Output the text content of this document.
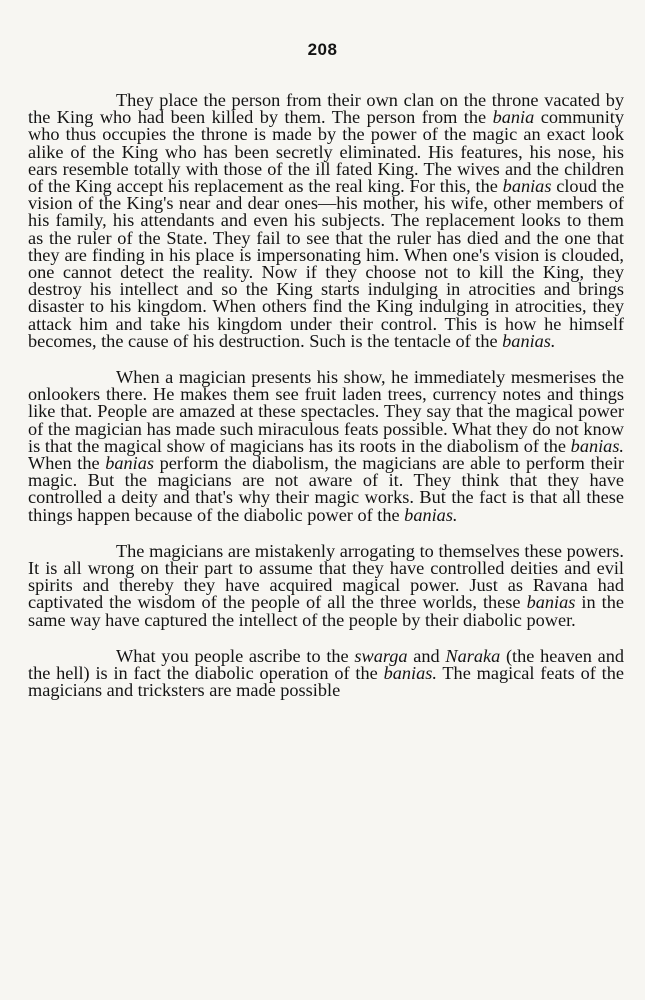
208

They place the person from their own clan on the throne vacated by the King who had been killed by them. The person from the bania community who thus occupies the throne is made by the power of the magic an exact look alike of the King who has been secretly eliminated. His features, his nose, his ears resemble totally with those of the ill fated King. The wives and the children of the King accept his replacement as the real king. For this, the banias cloud the vision of the King's near and dear ones—his mother, his wife, other members of his family, his attendants and even his subjects. The replacement looks to them as the ruler of the State. They fail to see that the ruler has died and the one that they are finding in his place is impersonating him. When one's vision is clouded, one cannot detect the reality. Now if they choose not to kill the King, they destroy his intellect and so the King starts indulging in atrocities and brings disaster to his kingdom. When others find the King indulging in atrocities, they attack him and take his kingdom under their control. This is how he himself becomes, the cause of his destruction. Such is the tentacle of the banias.

When a magician presents his show, he immediately mesmerises the onlookers there. He makes them see fruit laden trees, currency notes and things like that. People are amazed at these spectacles. They say that the magical power of the magician has made such miraculous feats possible. What they do not know is that the magical show of magicians has its roots in the diabolism of the banias. When the banias perform the diabolism, the magicians are able to perform their magic. But the magicians are not aware of it. They think that they have controlled a deity and that's why their magic works. But the fact is that all these things happen because of the diabolic power of the banias.

The magicians are mistakenly arrogating to themselves these powers. It is all wrong on their part to assume that they have controlled deities and evil spirits and thereby they have acquired magical power. Just as Ravana had captivated the wisdom of the people of all the three worlds, these banias in the same way have captured the intellect of the people by their diabolic power.

What you people ascribe to the swarga and Naraka (the heaven and the hell) is in fact the diabolic operation of the banias. The magical feats of the magicians and tricksters are made possible
